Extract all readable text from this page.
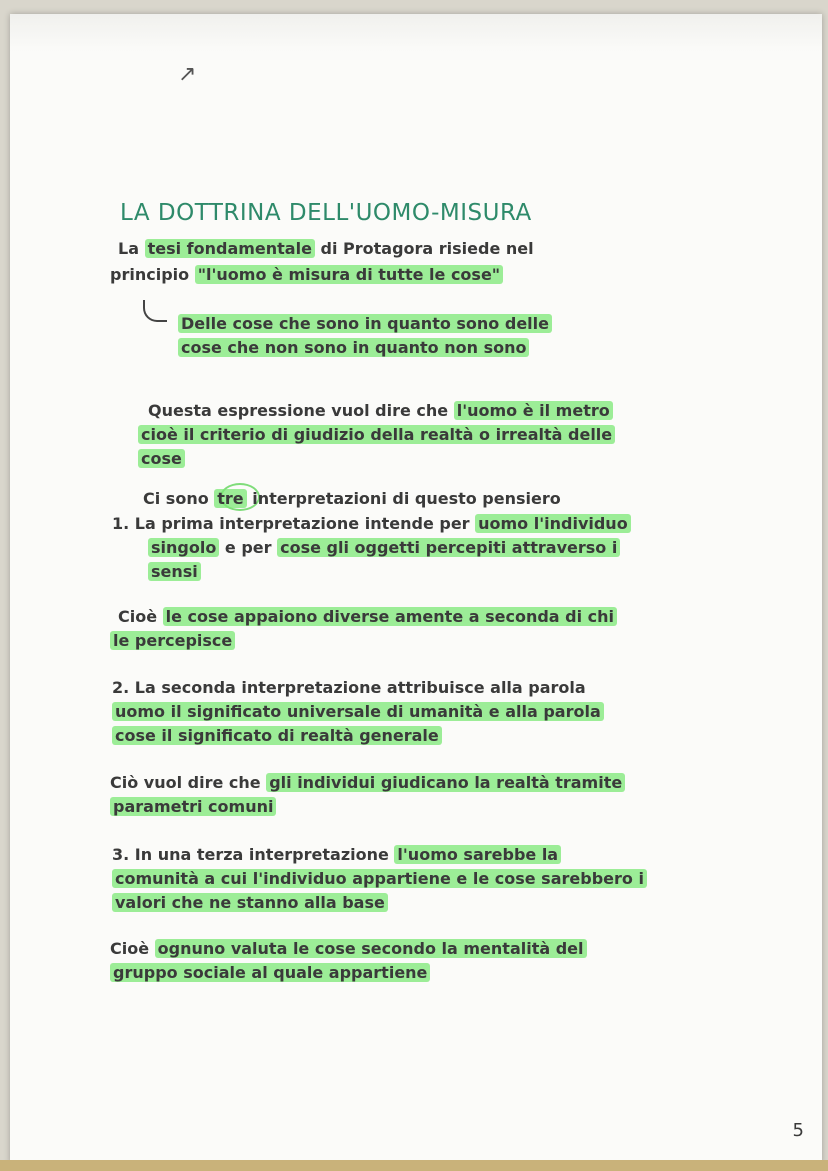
↗
LA DOTTRINA DELL'UOMO-MISURA
La tesi fondamentale di Protagora risiede nel
principio "l'uomo è misura di tutte le cose"
Delle cose che sono in quanto sono delle
cose che non sono in quanto non sono
Questa espressione vuol dire che l'uomo è il metro
cioè il criterio di giudizio della realtà o irrealtà delle
cose
Ci sono tre interpretazioni di questo pensiero
1. La prima interpretazione intende per uomo l'individuo
singolo e per cose gli oggetti percepiti attraverso i
sensi
Cioè le cose appaiono diverse amente a seconda di chi
le percepisce
2. La seconda interpretazione attribuisce alla parola
uomo il significato universale di umanità e alla parola
cose il significato di realtà generale
Ciò vuol dire che gli individui giudicano la realtà tramite
parametri comuni
3. In una terza interpretazione l'uomo sarebbe la
comunità a cui l'individuo appartiene e le cose sarebbero i
valori che ne stanno alla base
Cioè ognuno valuta le cose secondo la mentalità del
gruppo sociale al quale appartiene
5
